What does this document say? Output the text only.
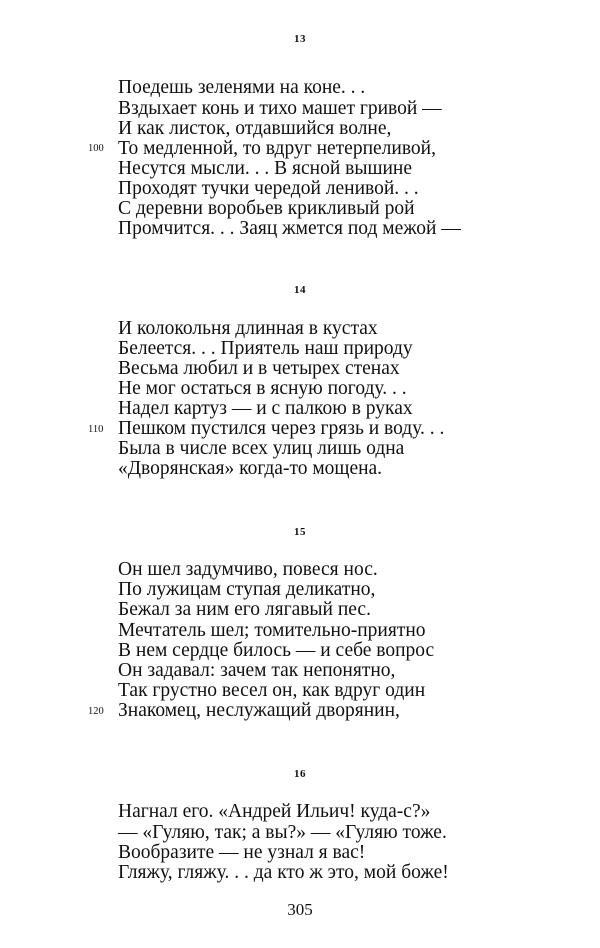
13
Поедешь зеленями на коне. . .
Вздыхает конь и тихо машет гривой —
И как листок, отдавшийся волне,
100 То медленной, то вдруг нетерпеливой,
Несутся мысли. . . В ясной вышине
Проходят тучки чередой ленивой. . .
С деревни воробьев крикливый рой
Промчится. . . Заяц жмется под межой —
14
И колокольня длинная в кустах
Белеется. . . Приятель наш природу
Весьма любил и в четырех стенах
Не мог остаться в ясную погоду. . .
Надел картуз — и с палкою в руках
110 Пешком пустился через грязь и воду. . .
Была в числе всех улиц лишь одна
«Дворянская» когда-то мощена.
15
Он шел задумчиво, повеся нос.
По лужицам ступая деликатно,
Бежал за ним его лягавый пес.
Мечтатель шел; томительно-приятно
В нем сердце билось — и себе вопрос
Он задавал: зачем так непонятно,
Так грустно весел он, как вдруг один
120 Знакомец, неслужащий дворянин,
16
Нагнал его. «Андрей Ильич! куда-с?»
— «Гуляю, так; а вы?» — «Гуляю тоже.
Вообразите — не узнал я вас!
Гляжу, гляжу. . . да кто ж это, мой боже!
305
